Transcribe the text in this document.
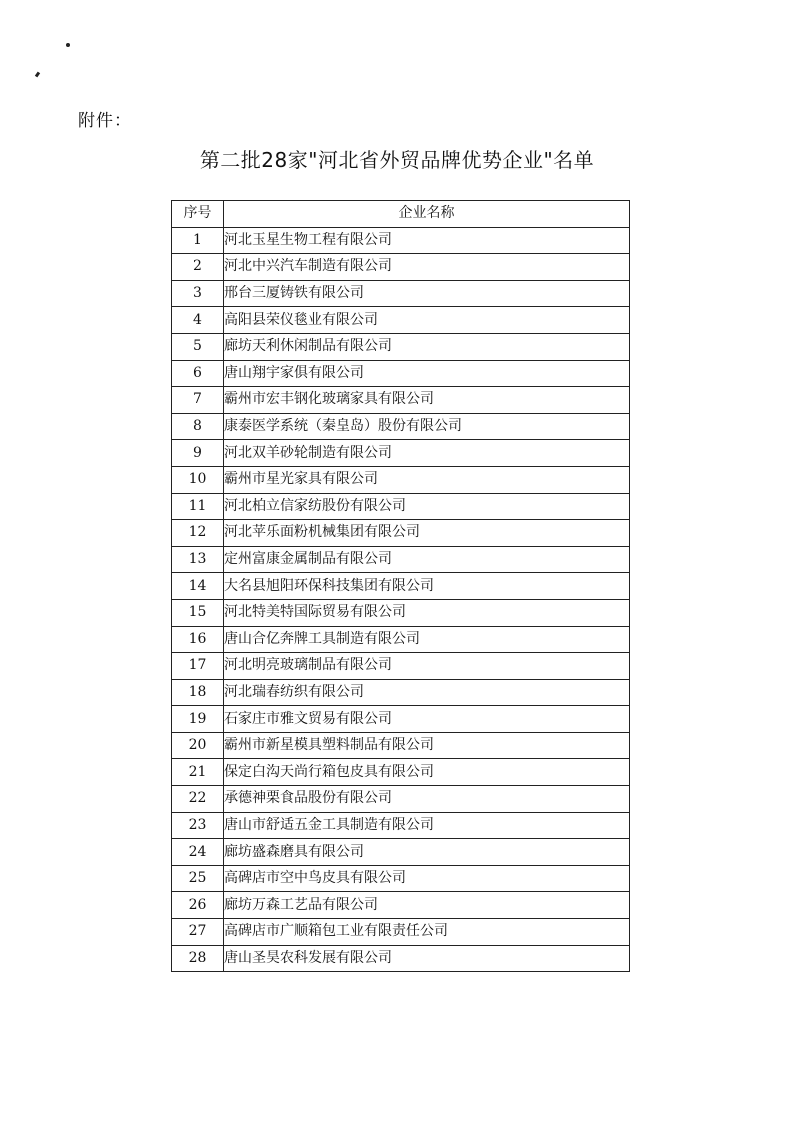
附件：
第二批28家"河北省外贸品牌优势企业"名单
序号	企业名称
1	河北玉星生物工程有限公司
2	河北中兴汽车制造有限公司
3	邢台三厦铸铁有限公司
4	高阳县荣仪毯业有限公司
5	廊坊天利休闲制品有限公司
6	唐山翔宇家俱有限公司
7	霸州市宏丰钢化玻璃家具有限公司
8	康泰医学系统（秦皇岛）股份有限公司
9	河北双羊砂轮制造有限公司
10	霸州市星光家具有限公司
11	河北柏立信家纺股份有限公司
12	河北苹乐面粉机械集团有限公司
13	定州富康金属制品有限公司
14	大名县旭阳环保科技集团有限公司
15	河北特美特国际贸易有限公司
16	唐山合亿奔牌工具制造有限公司
17	河北明亮玻璃制品有限公司
18	河北瑞春纺织有限公司
19	石家庄市雅文贸易有限公司
20	霸州市新星模具塑料制品有限公司
21	保定白沟天尚行箱包皮具有限公司
22	承德神栗食品股份有限公司
23	唐山市舒适五金工具制造有限公司
24	廊坊盛森磨具有限公司
25	高碑店市空中鸟皮具有限公司
26	廊坊万森工艺品有限公司
27	高碑店市广顺箱包工业有限责任公司
28	唐山圣昊农科发展有限公司
